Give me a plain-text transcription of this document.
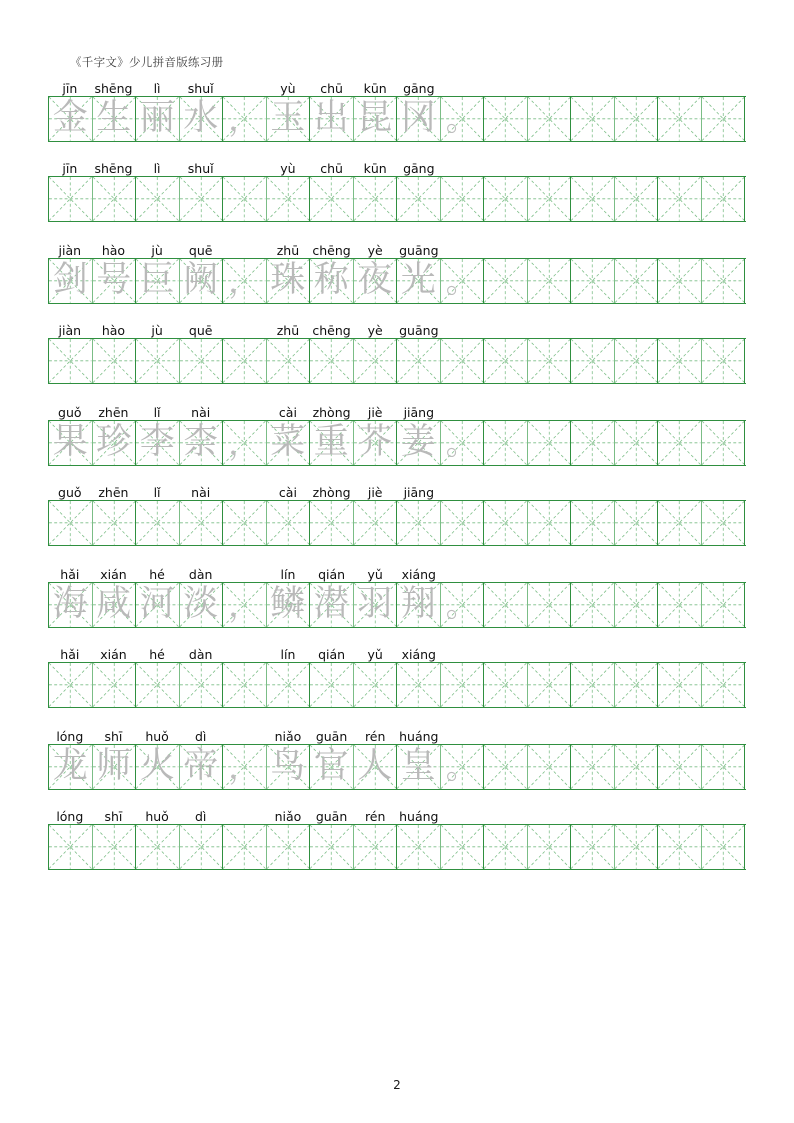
《千字文》少儿拼音版练习册
jīn	shēng	lì	shuǐ	yù	chū	kūn	gāng
金 生 丽 水 ， 玉 出 昆 冈 。
jīn	shēng	lì	shuǐ	yù	chū	kūn	gāng
jiàn	hào	jù	quē	zhū	chēng	yè	guāng
剑 号 巨 阙 ， 珠 称 夜 光 。
jiàn	hào	jù	quē	zhū	chēng	yè	guāng
guǒ	zhēn	lǐ	nài	cài	zhòng	jiè	jiāng
果 珍 李 柰 ， 菜 重 芥 姜 。
guǒ	zhēn	lǐ	nài	cài	zhòng	jiè	jiāng
hǎi	xián	hé	dàn	lín	qián	yǔ	xiáng
海 咸 河 淡 ， 鳞 潜 羽 翔 。
hǎi	xián	hé	dàn	lín	qián	yǔ	xiáng
lóng	shī	huǒ	dì	niǎo	guān	rén	huáng
龙 师 火 帝 ， 鸟 官 人 皇 。
lóng	shī	huǒ	dì	niǎo	guān	rén	huáng
2
